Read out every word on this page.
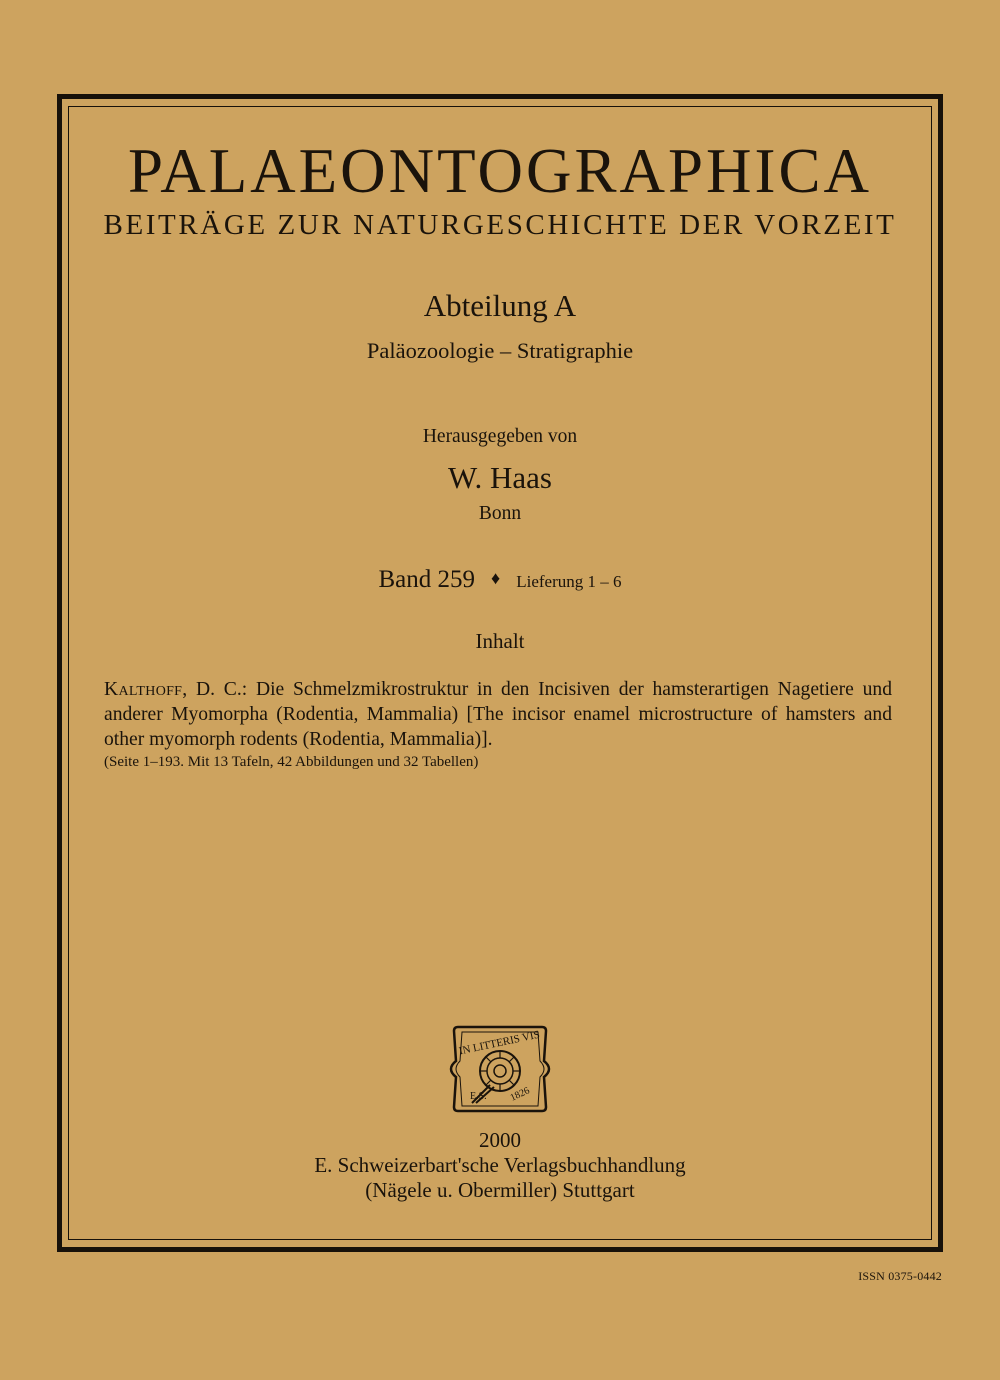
PALAEONTOGRAPHICA
BEITRÄGE ZUR NATURGESCHICHTE DER VORZEIT
Abteilung A
Paläozoologie – Stratigraphie
Herausgegeben von
W. Haas
Bonn
Band 259 ♦ Lieferung 1 – 6
Inhalt
Kalthoff, D. C.: Die Schmelzmikrostruktur in den Incisiven der hamsterartigen Nagetiere und anderer Myomorpha (Rodentia, Mammalia) [The incisor enamel microstructure of hamsters and other myomorph rodents (Rodentia, Mammalia)].
(Seite 1–193. Mit 13 Tafeln, 42 Abbildungen und 32 Tabellen)
IN LITTERIS VIS
E.S. 1826
2000
E. Schweizerbart'sche Verlagsbuchhandlung
(Nägele u. Obermiller) Stuttgart
ISSN 0375-0442
